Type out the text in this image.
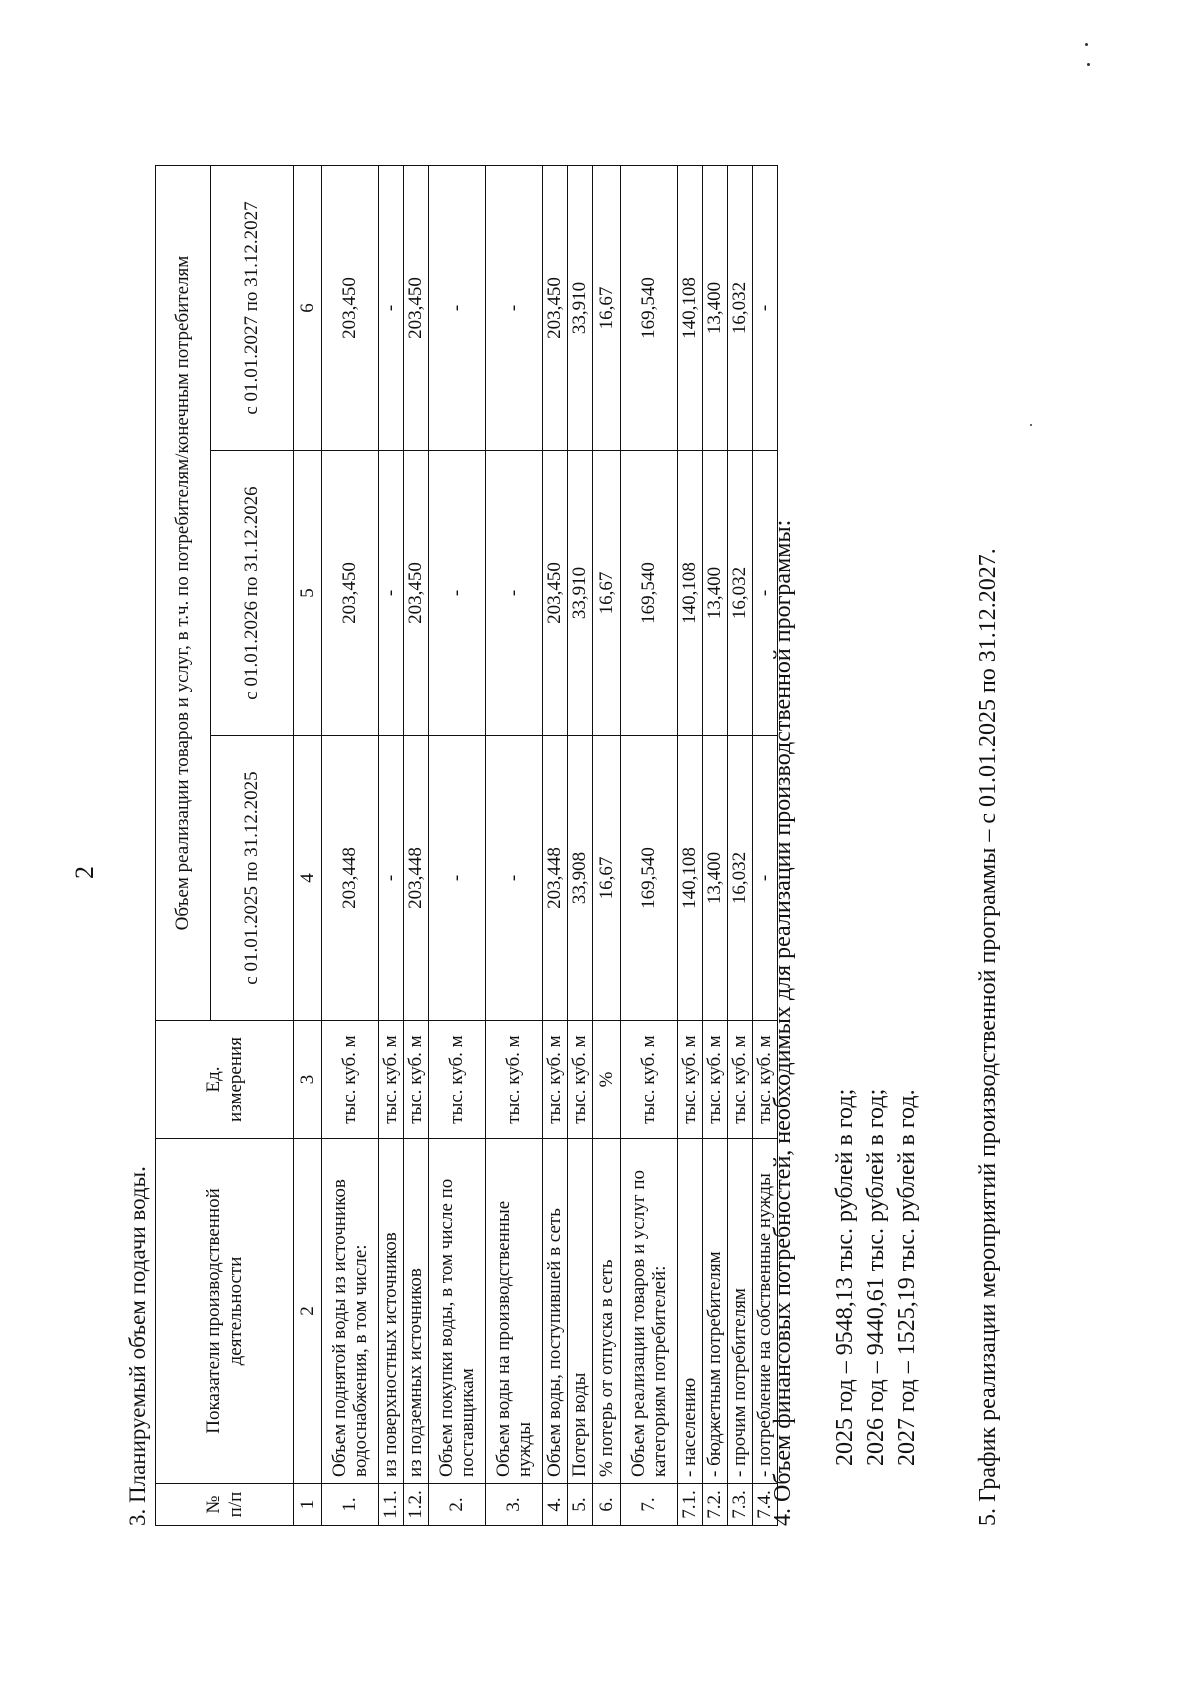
2
3. Планируемый объем подачи воды.	№ п/п	Показатели производственной деятельности	Ед. измерения	Объем реализации товаров и услуг, в т.ч. по потребителям/конечным потребителям		
			с 01.01.2025 по 31.12.2025	с 01.01.2026 по 31.12.2026	с 01.01.2027 по 31.12.2027
1	2	3	4	5	6
1.	Объем поднятой воды из источников водоснабжения, в том числе:	тыс. куб. м	203,448	203,450	203,450
1.1.	из поверхностных источников	тыс. куб. м	-	-	-
1.2.	из подземных источников	тыс. куб. м	203,448	203,450	203,450
2.	Объем покупки воды, в том числе по поставщикам	тыс. куб. м	-	-	-
3.	Объем воды на производственные нужды	тыс. куб. м	-	-	-
4.	Объем воды, поступившей в сеть	тыс. куб. м	203,448	203,450	203,450
5.	Потери воды	тыс. куб. м	33,908	33,910	33,910
6.	% потерь от отпуска в сеть	%	16,67	16,67	16,67
7.	Объем реализации товаров и услуг по категориям потребителей:	тыс. куб. м	169,540	169,540	169,540
7.1.	- населению	тыс. куб. м	140,108	140,108	140,108
7.2.	- бюджетным потребителям	тыс. куб. м	13,400	13,400	13,400
7.3.	- прочим потребителям	тыс. куб. м	16,032	16,032	16,032
7.4.	- потребление на собственные нужды	тыс. куб. м	-	-	-
4. Объем финансовых потребностей, необходимых для реализации производственной программы: 2025 год – 9548,13 тыс. рублей в год; 2026 год – 9440,61 тыс. рублей в год; 2027 год – 1525,19 тыс. рублей в год. 5. График реализации мероприятий производственной программы – с 01.01.2025 по 31.12.2027.
